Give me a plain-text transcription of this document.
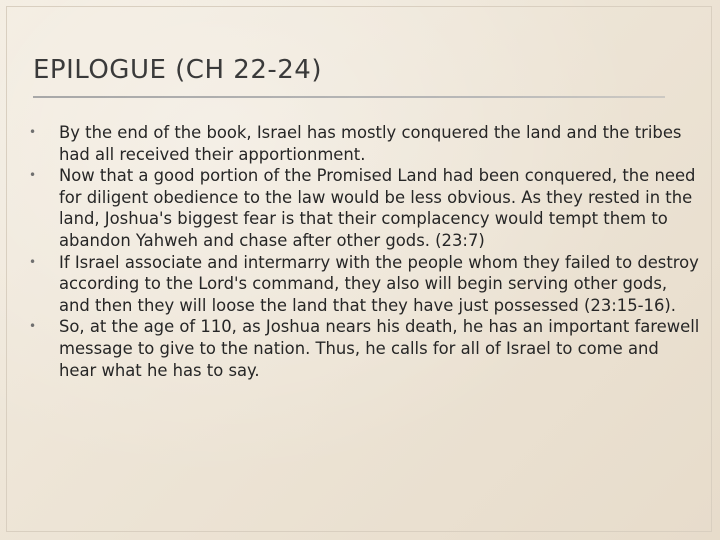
EPILOGUE (CH 22-24)
• By the end of the book, Israel has mostly conquered the land and the tribes had all received their apportionment.
• Now that a good portion of the Promised Land had been conquered, the need for diligent obedience to the law would be less obvious. As they rested in the land, Joshua's biggest fear is that their complacency would tempt them to abandon Yahweh and chase after other gods. (23:7)
• If Israel associate and intermarry with the people whom they failed to destroy according to the Lord's command, they also will begin serving other gods, and then they will loose the land that they have just possessed (23:15-16).
• So, at the age of 110, as Joshua nears his death, he has an important farewell message to give to the nation. Thus, he calls for all of Israel to come and hear what he has to say.
